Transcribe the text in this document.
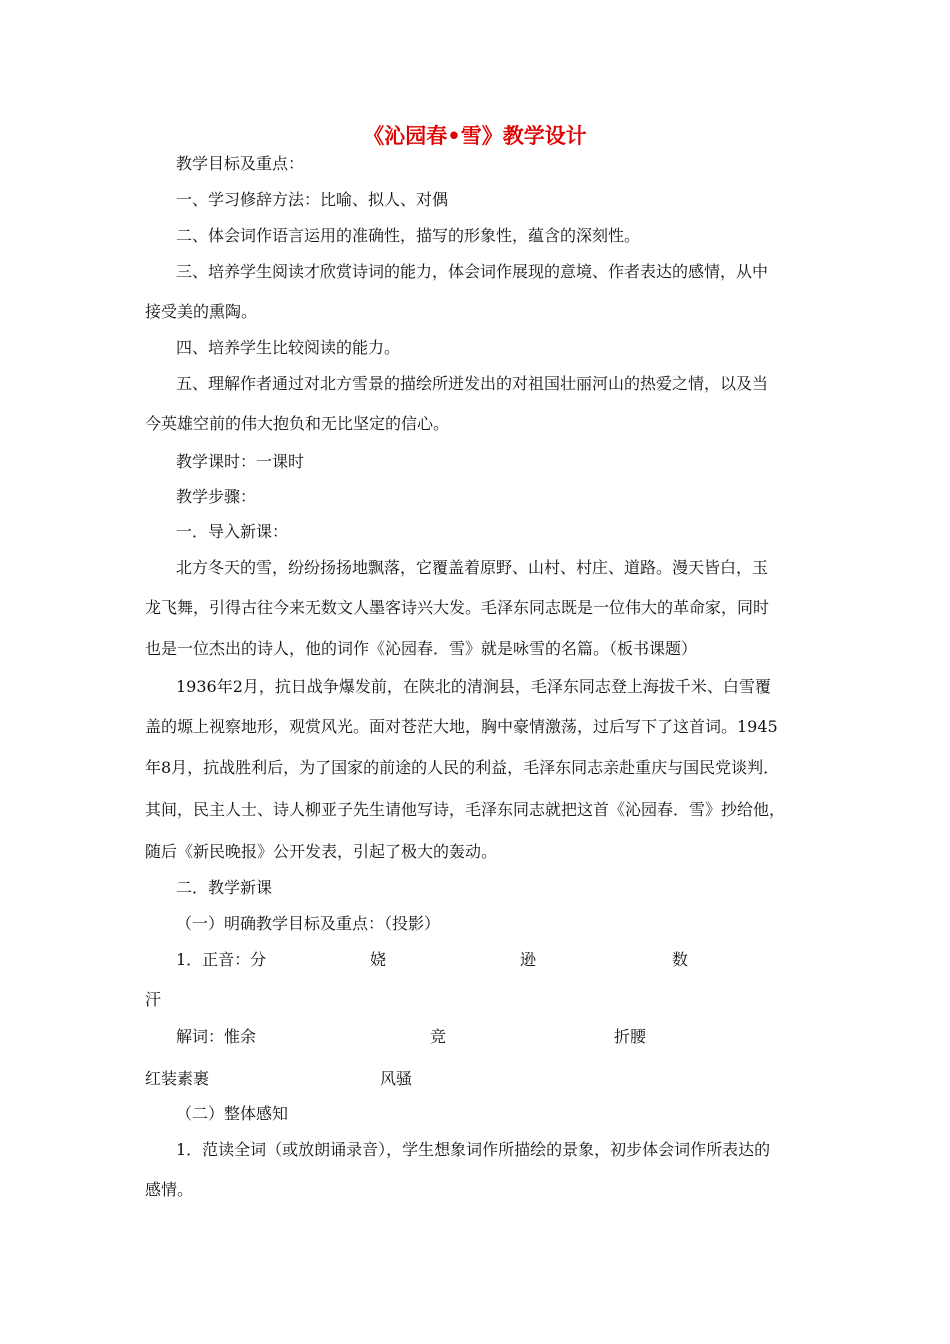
《沁园春•雪》教学设计
教学目标及重点：
一、学习修辞方法：比喻、拟人、对偶
二、体会词作语言运用的准确性，描写的形象性，蕴含的深刻性。
三、培养学生阅读才欣赏诗词的能力，体会词作展现的意境、作者表达的感情，从中
接受美的熏陶。
四、培养学生比较阅读的能力。
五、理解作者通过对北方雪景的描绘所迸发出的对祖国壮丽河山的热爱之情，以及当
今英雄空前的伟大抱负和无比坚定的信心。
教学课时：一课时
教学步骤：
一．导入新课：
北方冬天的雪，纷纷扬扬地飘落，它覆盖着原野、山村、村庄、道路。漫天皆白，玉
龙飞舞，引得古往今来无数文人墨客诗兴大发。毛泽东同志既是一位伟大的革命家，同时
也是一位杰出的诗人，他的词作《沁园春．雪》就是咏雪的名篇。（板书课题）
1936年2月，抗日战争爆发前，在陕北的清涧县，毛泽东同志登上海拔千米、白雪覆
盖的塬上视察地形，观赏风光。面对苍茫大地，胸中豪情激荡，过后写下了这首词。1945
年8月，抗战胜利后，为了国家的前途的人民的利益，毛泽东同志亲赴重庆与国民党谈判．
其间，民主人士、诗人柳亚子先生请他写诗，毛泽东同志就把这首《沁园春．雪》抄给他，
随后《新民晚报》公开发表，引起了极大的轰动。
二．教学新课
（一）明确教学目标及重点：（投影）
1．正音：分	娆	逊	数
汗
解词：惟余	竞	折腰
红装素裹	风骚
（二）整体感知
1．范读全词（或放朗诵录音），学生想象词作所描绘的景象，初步体会词作所表达的
感情。
